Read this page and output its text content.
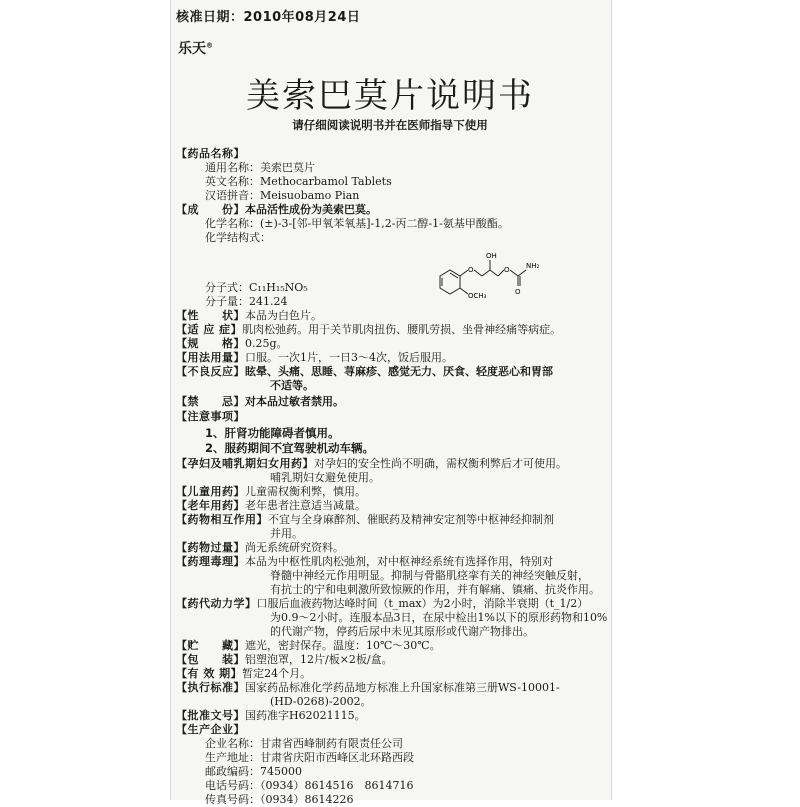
核准日期：2010年08月24日
乐天®
美索巴莫片说明书
请仔细阅读说明书并在医师指导下使用
【药品名称】
通用名称：美索巴莫片
英文名称：Methocarbamol Tablets
汉语拼音：Meisuobamo Pian
【成　　份】本品活性成份为美索巴莫。
化学名称：(±)-3-[邻-甲氧苯氧基]-1,2-丙二醇-1-氨基甲酸酯。
化学结构式：
O
OH
O NH₂
O
OCH₃
分子式：C₁₁H₁₅NO₅
分子量：241.24
【性　　状】本品为白色片。
【适 应 症】肌肉松弛药。用于关节肌肉扭伤、腰肌劳损、坐骨神经痛等病症。
【规　　格】0.25g。
【用法用量】口服。一次1片，一日3～4次，饭后服用。
【不良反应】眩晕、头痛、思睡、荨麻疹、感觉无力、厌食、轻度恶心和胃部
不适等。
【禁　　忌】对本品过敏者禁用。
【注意事项】
1、肝肾功能障碍者慎用。
2、服药期间不宜驾驶机动车辆。
【孕妇及哺乳期妇女用药】对孕妇的安全性尚不明确，需权衡利弊后才可使用。
哺乳期妇女避免使用。
【儿童用药】儿童需权衡利弊，慎用。
【老年用药】老年患者注意适当减量。
【药物相互作用】不宜与全身麻醉剂、催眠药及精神安定剂等中枢神经抑制剂
并用。
【药物过量】尚无系统研究资料。
【药理毒理】本品为中枢性肌肉松弛剂，对中枢神经系统有选择作用，特别对
脊髓中神经元作用明显。抑制与骨骼肌痉挛有关的神经突触反射，
有抗士的宁和电刺激所致惊厥的作用，并有解痛、镇痛、抗炎作用。
【药代动力学】口服后血液药物达峰时间（t_max）为2小时，消除半衰期（t_1/2）
为0.9～2小时。连服本品3日，在尿中检出1%以下的原形药物和10%
的代谢产物，停药后尿中未见其原形或代谢产物排出。
【贮　　藏】遮光，密封保存。温度：10℃～30℃。
【包　　装】铝塑泡罩，12片/板×2板/盒。
【有 效 期】暂定24个月。
【执行标准】国家药品标准化学药品地方标准上升国家标准第三册WS-10001-
(HD-0268)-2002。
【批准文号】国药准字H62021115。
【生产企业】
企业名称：甘肃省西峰制药有限责任公司
生产地址：甘肃省庆阳市西峰区北环路西段
邮政编码：745000
电话号码：（0934）8614516　8614716
传真号码：（0934）8614226
